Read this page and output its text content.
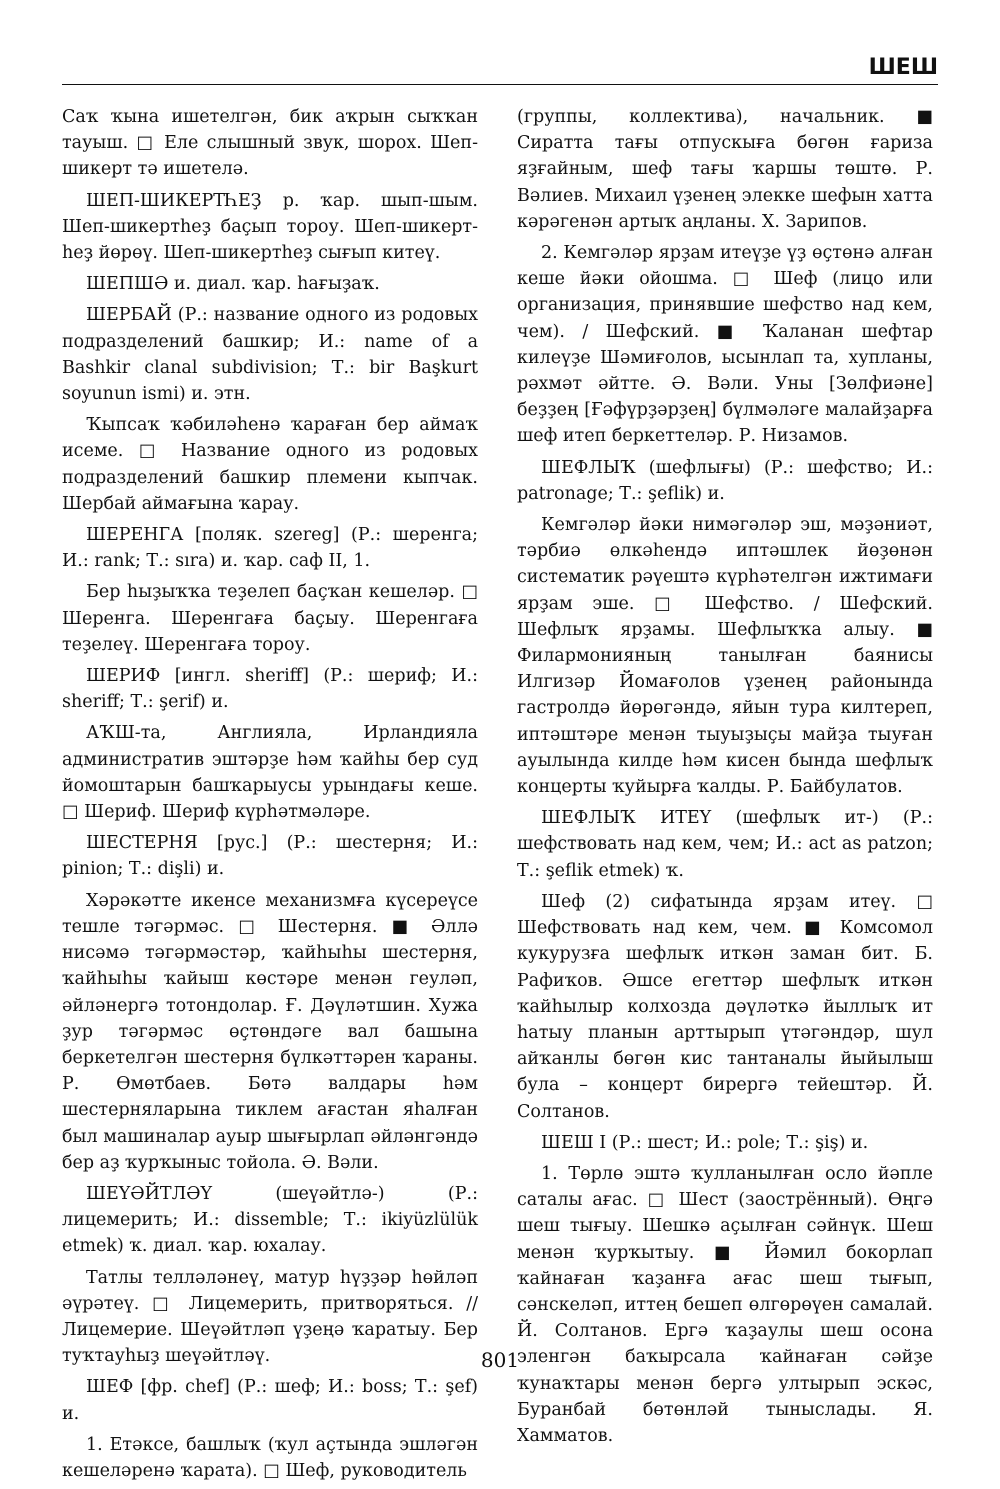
ШЕШ

Саҡ ҡына ишетелгән, бик аҡрын сыҡҡан тауыш. □ Еле слышный звук, шорох. Шеп-шикерт тә ишетелә.

ШЕП-ШИКЕРТҺЕҘ р. ҡар. шып-шым. Шеп-шикертһеҙ баҫып тороу. Шеп-шикерт-һеҙ йөрөү. Шеп-шикертһеҙ сығып китеү.

ШЕПШӘ и. диал. ҡар. һағыҙаҡ.

ШЕРБАЙ (Р.: название одного из родовых подразделений башкир; И.: name of a Bashkir clanal subdivision; Т.: bir Başkurt soyunun ismi) и. этн.

Ҡыпсаҡ ҡәбиләһенә ҡараған бер аймаҡ исеме. □ Название одного из родовых подразделений башкир племени кыпчак. Шербай аймағына ҡарау.

ШЕРЕНГА [поляк. szereg] (Р.: шеренга; И.: rank; Т.: sıra) и. ҡар. саф II, 1.

Бер һыҙыҡҡа теҙелеп баҫҡан кешеләр. □ Шеренга. Шеренгаға баҫыу. Шеренгаға теҙелеү. Шеренгаға тороу.

ШЕРИФ [ингл. sheriff] (Р.: шериф; И.: sheriff; Т.: şerif) и.

АҠШ-та, Англияла, Ирландияла административ эштәрҙе һәм ҡайһы бер суд йомоштарын башҡарыусы урындағы кеше. □ Шериф. Шериф күрһәтмәләре.

ШЕСТЕРНЯ [рус.] (Р.: шестерня; И.: pinion; Т.: dişli) и.

Хәрәкәтте икенсе механизмға күсереүсе тешле тәгәрмәс. □ Шестерня. ■ Әллә нисәмә тәгәрмәстәр, ҡайһыһы шестерня, ҡайһыһы ҡайыш көстәре менән геуләп, әйләнергә тотондолар. Ғ. Дәүләтшин. Хужа ҙур тәгәрмәс өҫтөндәге вал башына беркетелгән шестерня бүлкәттәрен ҡараны. Р. Өмөтбаев. Бөтә валдары һәм шестерняларына тиклем ағастан яһалған был машиналар ауыр шығырлап әйләнгәндә бер аҙ ҡурҡыныс тойола. Ә. Вәли.

ШЕҮӘЙТЛӘҮ (шеүәйтлә-) (Р.: лицемерить; И.: dissemble; Т.: ikiyüzlülük etmek) ҡ. диал. ҡар. юхалау.

Татлы телләләнеү, матур һүҙҙәр һөйләп әүрәтеү. □ Лицемерить, притворяться. // Лицемерие. Шеүәйтләп үҙеңә ҡаратыу. Бер туҡтауһыҙ шеүәйтләү.

ШЕФ [фр. chef] (Р.: шеф; И.: boss; Т.: şef) и.

1. Етәксе, башлыҡ (ҡул аҫтында эшләгән кешеләренә ҡарата). □ Шеф, руководитель

(группы, коллектива), начальник. ■ Сиратта тағы отпускыға бөгөн ғариза яҙғайным, шеф тағы ҡаршы төштө. Р. Вәлиев. Михаил үҙенең элекке шефын хатта кәрәгенән артыҡ аңланы. Х. Зарипов.

2. Кемгәләр ярҙам итеүҙе үҙ өҫтөнә алған кеше йәки ойошма. □ Шеф (лицо или организация, принявшие шефство над кем, чем). / Шефский. ■ Ҡаланан шефтар килеүҙе Шәмиғолов, ысынлап та, хупланы, рәхмәт әйтте. Ә. Вәли. Уны [Зөлфиәне] беҙҙең [Ғәфүрҙәрҙең] бүлмәләге малайҙарға шеф итеп беркеттеләр. Р. Низамов.

ШЕФЛЫҠ (шефлығы) (Р.: шефство; И.: patronage; Т.: şeflik) и.

Кемгәләр йәки нимәгәләр эш, мәҙәниәт, тәрбиә өлкәһендә иптәшлек йөҙөнән систематик рәүештә күрһәтелгән ижтимағи ярҙам эше. □ Шефство. / Шефский. Шефлыҡ ярҙамы. Шефлыҡҡа алыу. ■ Филармонияның танылған баянисы Илгизәр Йомағолов үҙенең районында гастролдә йөрөгәндә, яйын тура килтереп, иптәштәре менән тыуыҙыҫы майҙа тыуған ауылында килде һәм кисен бында шефлыҡ концерты ҡуйырға ҡалды. Р. Байбулатов.

ШЕФЛЫҠ ИТЕҮ (шефлыҡ ит-) (Р.: шефствовать над кем, чем; И.: act as patzon; Т.: şeflik etmek) ҡ.

Шеф (2) сифатында ярҙам итеү. □ Шефствовать над кем, чем. ■ Комсомол кукурузға шефлыҡ иткән заман бит. Б. Рафиҡов. Әшсе егеттәр шефлыҡ иткән ҡайһылыр колхозда дәүләткә йыллыҡ ит һатыу планын арттырып үтәгәндәр, шул айҡанлы бөгөн кис тантаналы йыйылыш була – концерт бирергә тейештәр. Й. Солтанов.

ШЕШ I (Р.: шест; И.: pole; Т.: şiş) и.

1. Төрлө эштә ҡулланылған осло йәпле саталы ағас. □ Шест (заострённый). Өңгә шеш тығыу. Шешкә аҫылған сәйнүк. Шеш менән ҡурҡытыу. ■ Йәмил бокорлап ҡайнаған ҡаҙанға ағас шеш тығып, сәнскеләп, иттең бешеп өлгөрөүен самалай. Й. Солтанов. Ергә ҡаҙаулы шеш осона эленгән баҡырсала ҡайнаған сәйҙе ҡунаҡтары менән бергә ултырып эскәс, Буранбай бөтөнләй тыныслады. Я. Хамматов.

801
